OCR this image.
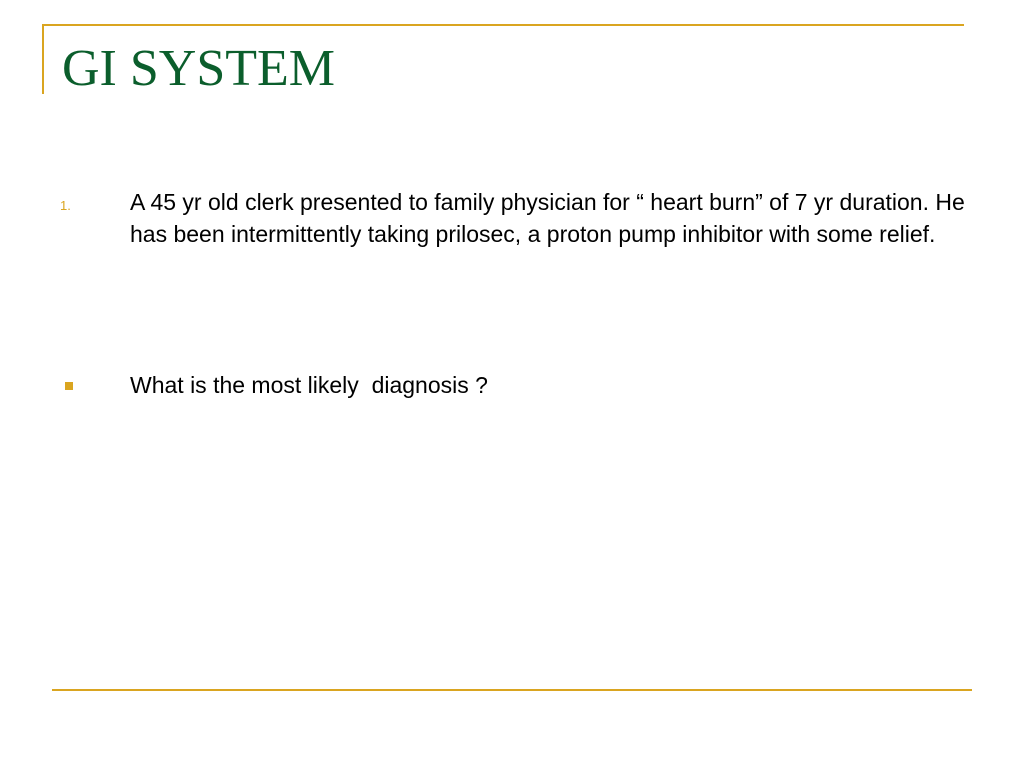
GI SYSTEM
1.	A 45 yr old clerk presented to family physician for “ heart burn” of 7 yr duration. He has been intermittently taking prilosec, a proton pump inhibitor with some relief.
What is the most likely  diagnosis ?
